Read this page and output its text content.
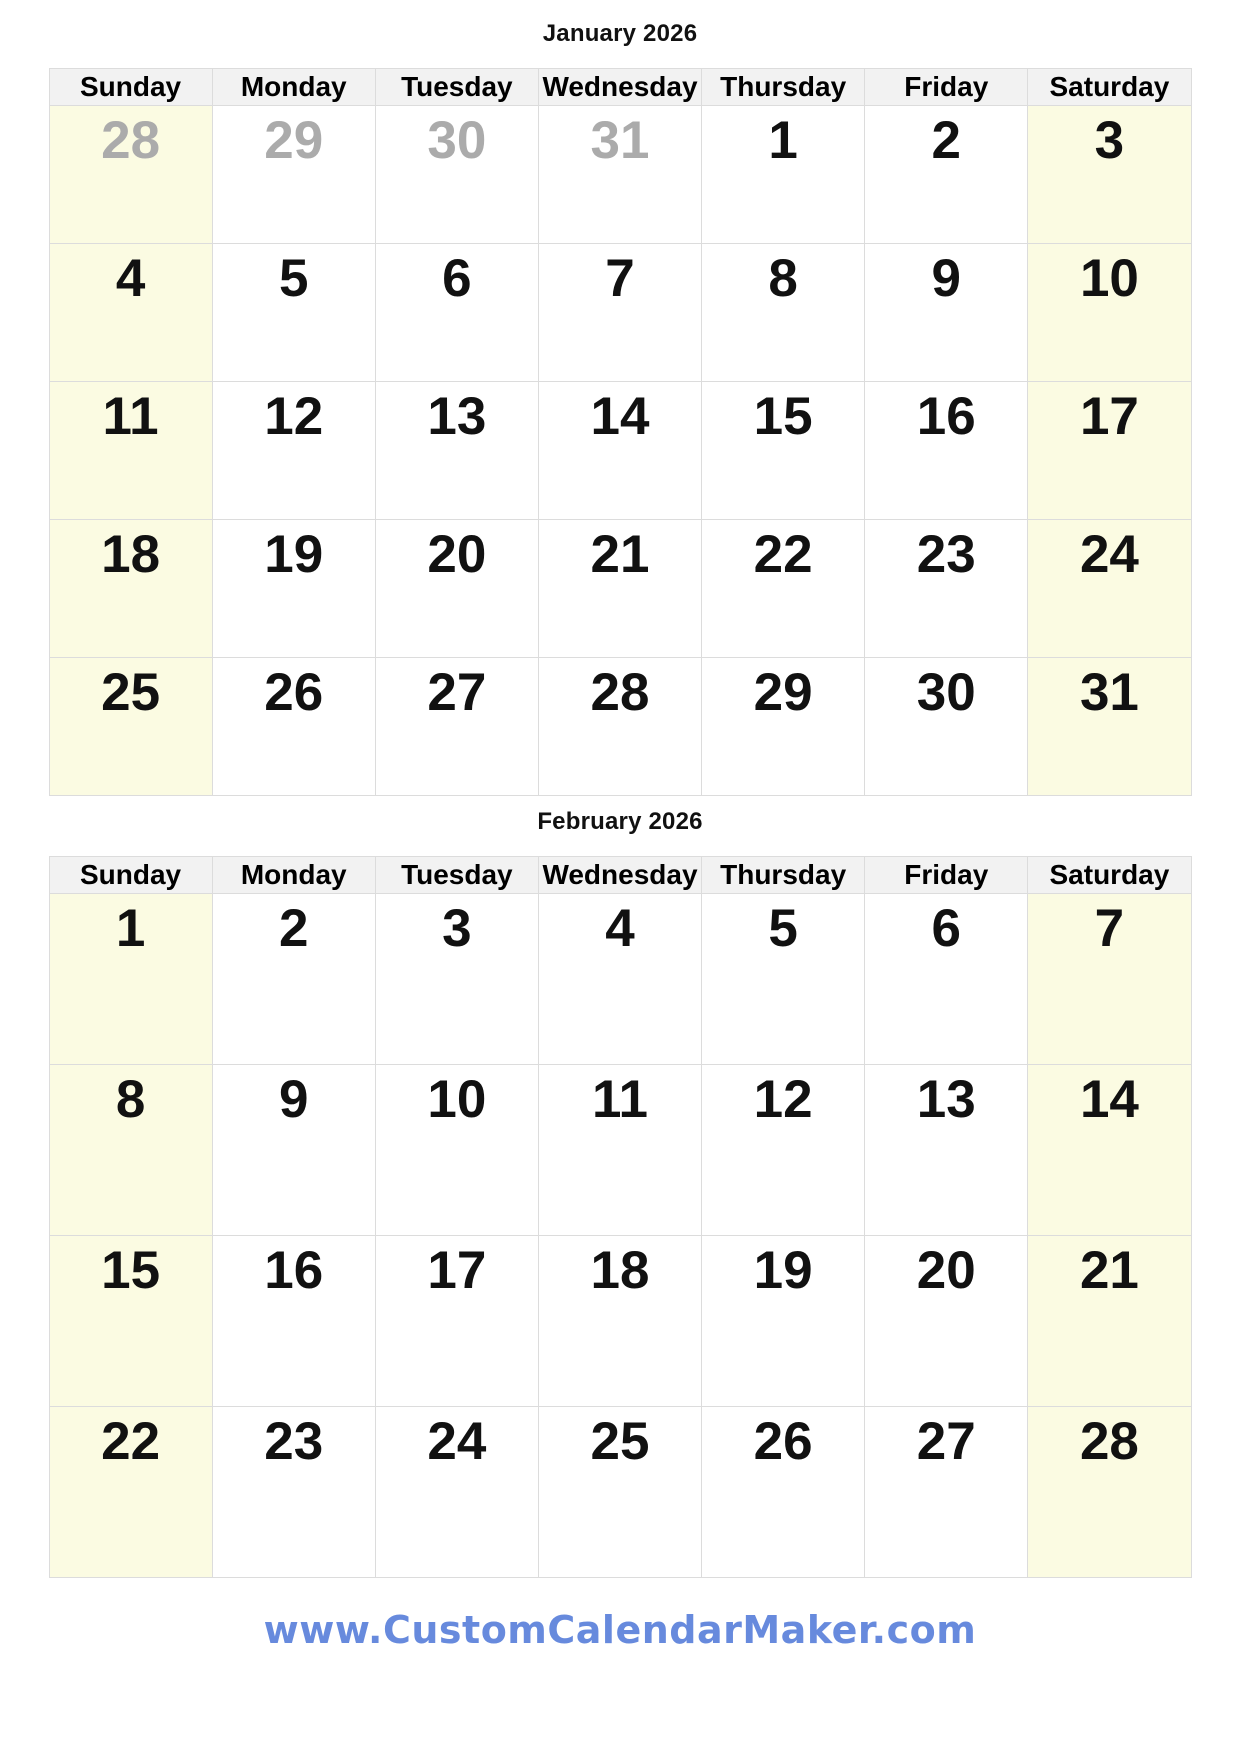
January 2026
Sunday	Monday	Tuesday	Wednesday	Thursday	Friday	Saturday
28	29	30	31	1	2	3
4	5	6	7	8	9	10
11	12	13	14	15	16	17
18	19	20	21	22	23	24
25	26	27	28	29	30	31
February 2026
Sunday	Monday	Tuesday	Wednesday	Thursday	Friday	Saturday
1	2	3	4	5	6	7
8	9	10	11	12	13	14
15	16	17	18	19	20	21
22	23	24	25	26	27	28
www.CustomCalendarMaker.com
